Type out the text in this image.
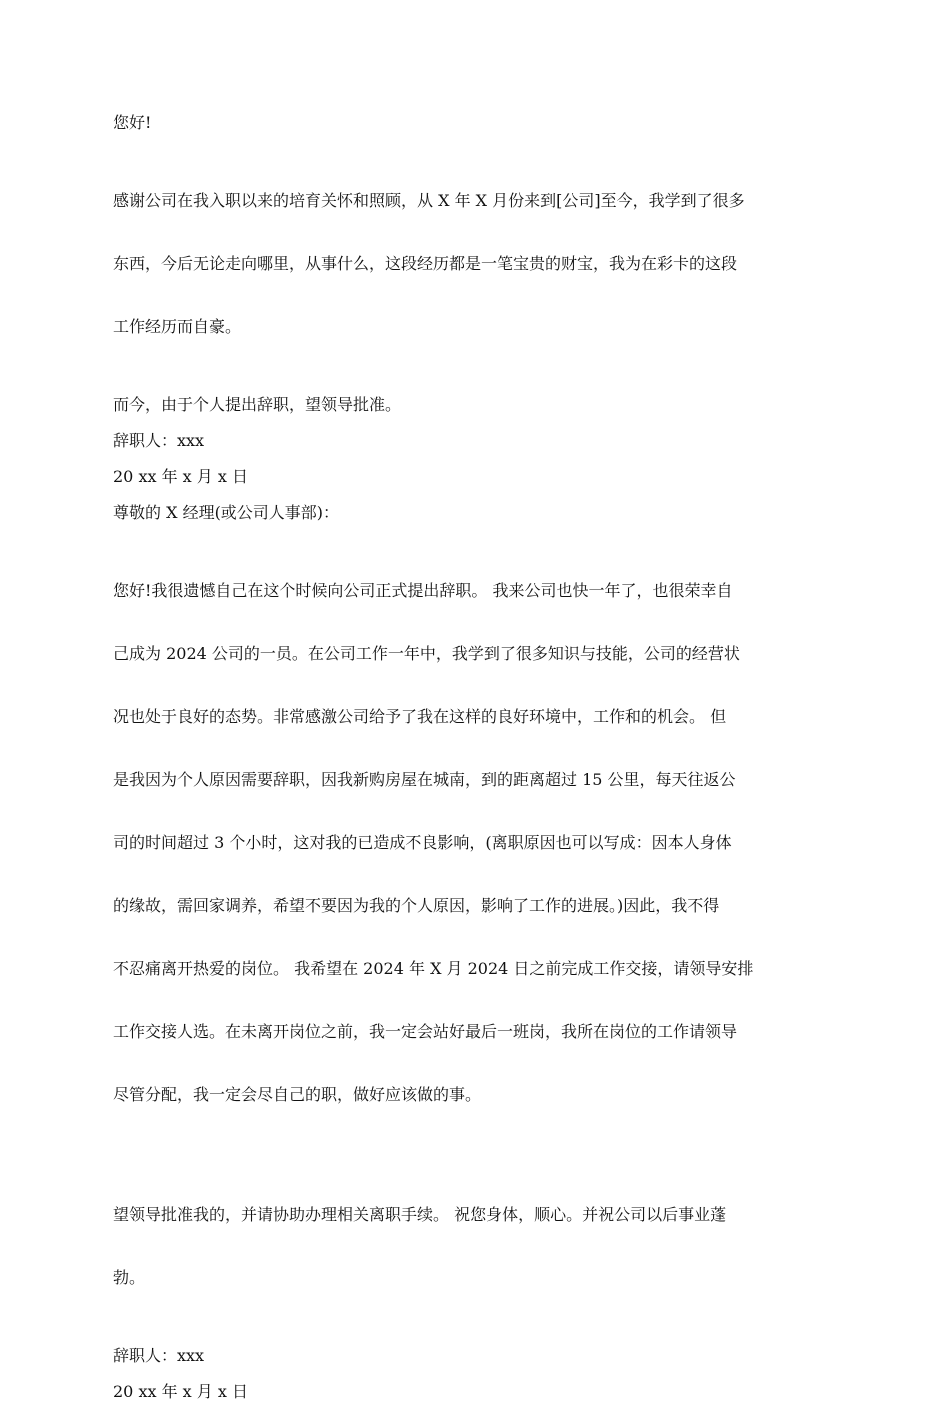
您好!

感谢公司在我入职以来的培育关怀和照顾，从 X 年 X 月份来到[公司]至今，我学到了很多

东西，今后无论走向哪里，从事什么，这段经历都是一笔宝贵的财宝，我为在彩卡的这段

工作经历而自豪。

而今，由于个人提出辞职，望领导批准。

辞职人：xxx

20 xx 年 x 月 x 日

尊敬的 X 经理(或公司人事部)：

您好!我很遗憾自己在这个时候向公司正式提出辞职。 我来公司也快一年了，也很荣幸自

己成为 2024 公司的一员。在公司工作一年中，我学到了很多知识与技能，公司的经营状

况也处于良好的态势。非常感激公司给予了我在这样的良好环境中，工作和的机会。 但

是我因为个人原因需要辞职，因我新购房屋在城南，到的距离超过 15 公里，每天往返公

司的时间超过 3 个小时，这对我的已造成不良影响，(离职原因也可以写成：因本人身体

的缘故，需回家调养，希望不要因为我的个人原因，影响了工作的进展。)因此，我不得

不忍痛离开热爱的岗位。 我希望在 2024 年 X 月 2024 日之前完成工作交接，请领导安排

工作交接人选。在未离开岗位之前，我一定会站好最后一班岗，我所在岗位的工作请领导

尽管分配，我一定会尽自己的职，做好应该做的事。

望领导批准我的，并请协助办理相关离职手续。 祝您身体，顺心。并祝公司以后事业蓬

勃。

辞职人：xxx

20 xx 年 x 月 x 日
